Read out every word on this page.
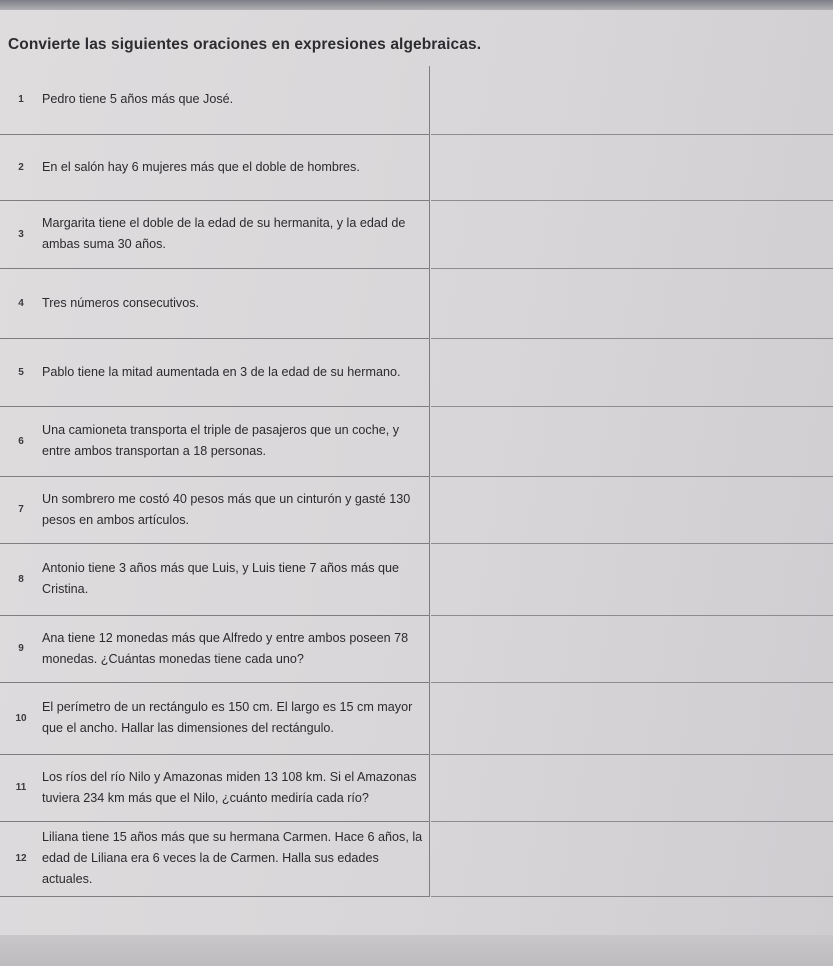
Convierte las siguientes oraciones en expresiones algebraicas.
1	Pedro tiene 5 años más que José.
2	En el salón hay 6 mujeres más que el doble de hombres.
3	Margarita tiene el doble de la edad de su hermanita, y la edad de ambas suma 30 años.
4	Tres números consecutivos.
5	Pablo tiene la mitad aumentada en 3 de la edad de su hermano.
6	Una camioneta transporta el triple de pasajeros que un coche, y entre ambos transportan a 18 personas.
7	Un sombrero me costó 40 pesos más que un cinturón y gasté 130 pesos en ambos artículos.
8	Antonio tiene 3 años más que Luis, y Luis tiene 7 años más que Cristina.
9	Ana tiene 12 monedas más que Alfredo y entre ambos poseen 78 monedas. ¿Cuántas monedas tiene cada uno?
10	El perímetro de un rectángulo es 150 cm. El largo es 15 cm mayor que el ancho. Hallar las dimensiones del rectángulo.
11	Los ríos del río Nilo y Amazonas miden 13 108 km. Si el Amazonas tuviera 234 km más que el Nilo, ¿cuánto mediría cada río?
12	Liliana tiene 15 años más que su hermana Carmen. Hace 6 años, la edad de Liliana era 6 veces la de Carmen. Halla sus edades actuales.
